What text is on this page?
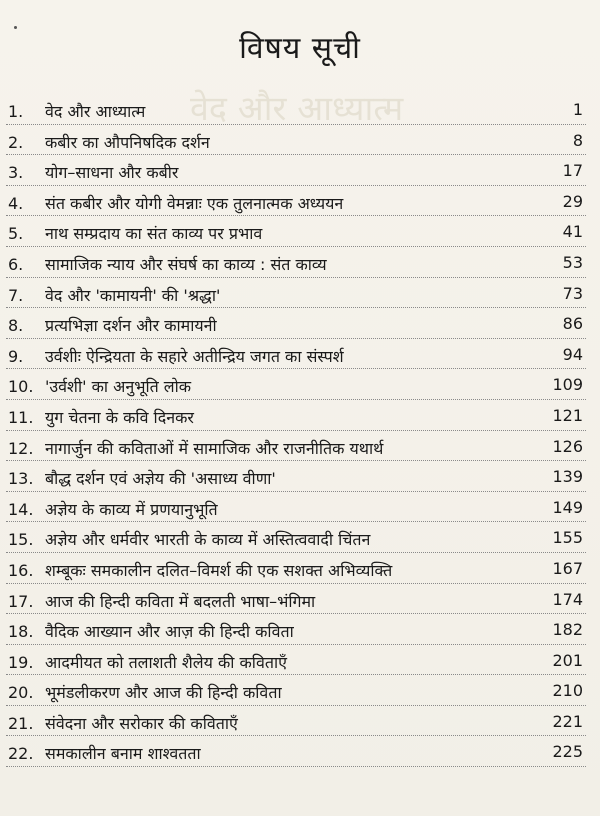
वेद और आध्यात्म
विषय सूची
1. वेद और आध्यात्म	1
2. कबीर का औपनिषदिक दर्शन	8
3. योग–साधना और कबीर	17
4. संत कबीर और योगी वेमन्नाः एक तुलनात्मक अध्ययन	29
5. नाथ सम्प्रदाय का संत काव्य पर प्रभाव	41
6. सामाजिक न्याय और संघर्ष का काव्य : संत काव्य	53
7. वेद और 'कामायनी' की 'श्रद्धा'	73
8. प्रत्यभिज्ञा दर्शन और कामायनी	86
9. उर्वशीः ऐन्द्रियता के सहारे अतीन्द्रिय जगत का संस्पर्श	94
10. 'उर्वशी' का अनुभूति लोक	109
11. युग चेतना के कवि दिनकर	121
12. नागार्जुन की कविताओं में सामाजिक और राजनीतिक यथार्थ	126
13. बौद्ध दर्शन एवं अज्ञेय की 'असाध्य वीणा'	139
14. अज्ञेय के काव्य में प्रणयानुभूति	149
15. अज्ञेय और धर्मवीर भारती के काव्य में अस्तित्ववादी चिंतन	155
16. शम्बूकः समकालीन दलित–विमर्श की एक सशक्त अभिव्यक्ति	167
17. आज की हिन्दी कविता में बदलती भाषा–भंगिमा	174
18. वैदिक आख्यान और आज़ की हिन्दी कविता	182
19. आदमीयत को तलाशती शैलेय की कविताएँ	201
20. भूमंडलीकरण और आज की हिन्दी कविता	210
21. संवेदना और सरोकार की कविताएँ	221
22. समकालीन बनाम शाश्वतता	225
